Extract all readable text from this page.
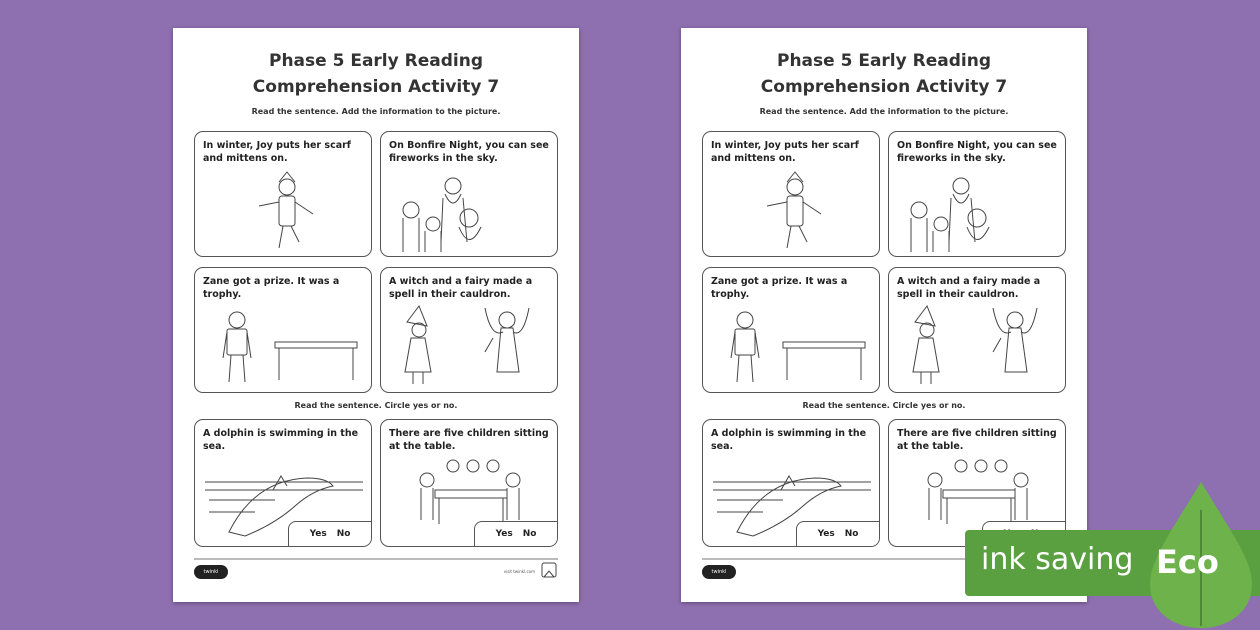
Phase 5 Early Reading
Comprehension Activity 7
Read the sentence. Add the information to the picture.
In winter, Joy puts her scarf and mittens on.
On Bonfire Night, you can see fireworks in the sky.
Zane got a prize. It was a trophy.
A witch and a fairy made a spell in their cauldron.
Read the sentence. Circle yes or no.
A dolphin is swimming in the sea.
Yes No
There are five children sitting at the table.
Yes No
twinkl	visit twinkl.com
Phase 5 Early Reading
Comprehension Activity 7
Read the sentence. Add the information to the picture.
In winter, Joy puts her scarf and mittens on.
On Bonfire Night, you can see fireworks in the sky.
Zane got a prize. It was a trophy.
A witch and a fairy made a spell in their cauldron.
Read the sentence. Circle yes or no.
A dolphin is swimming in the sea.
Yes No
There are five children sitting at the table.
twinkl	ink saving Eco
